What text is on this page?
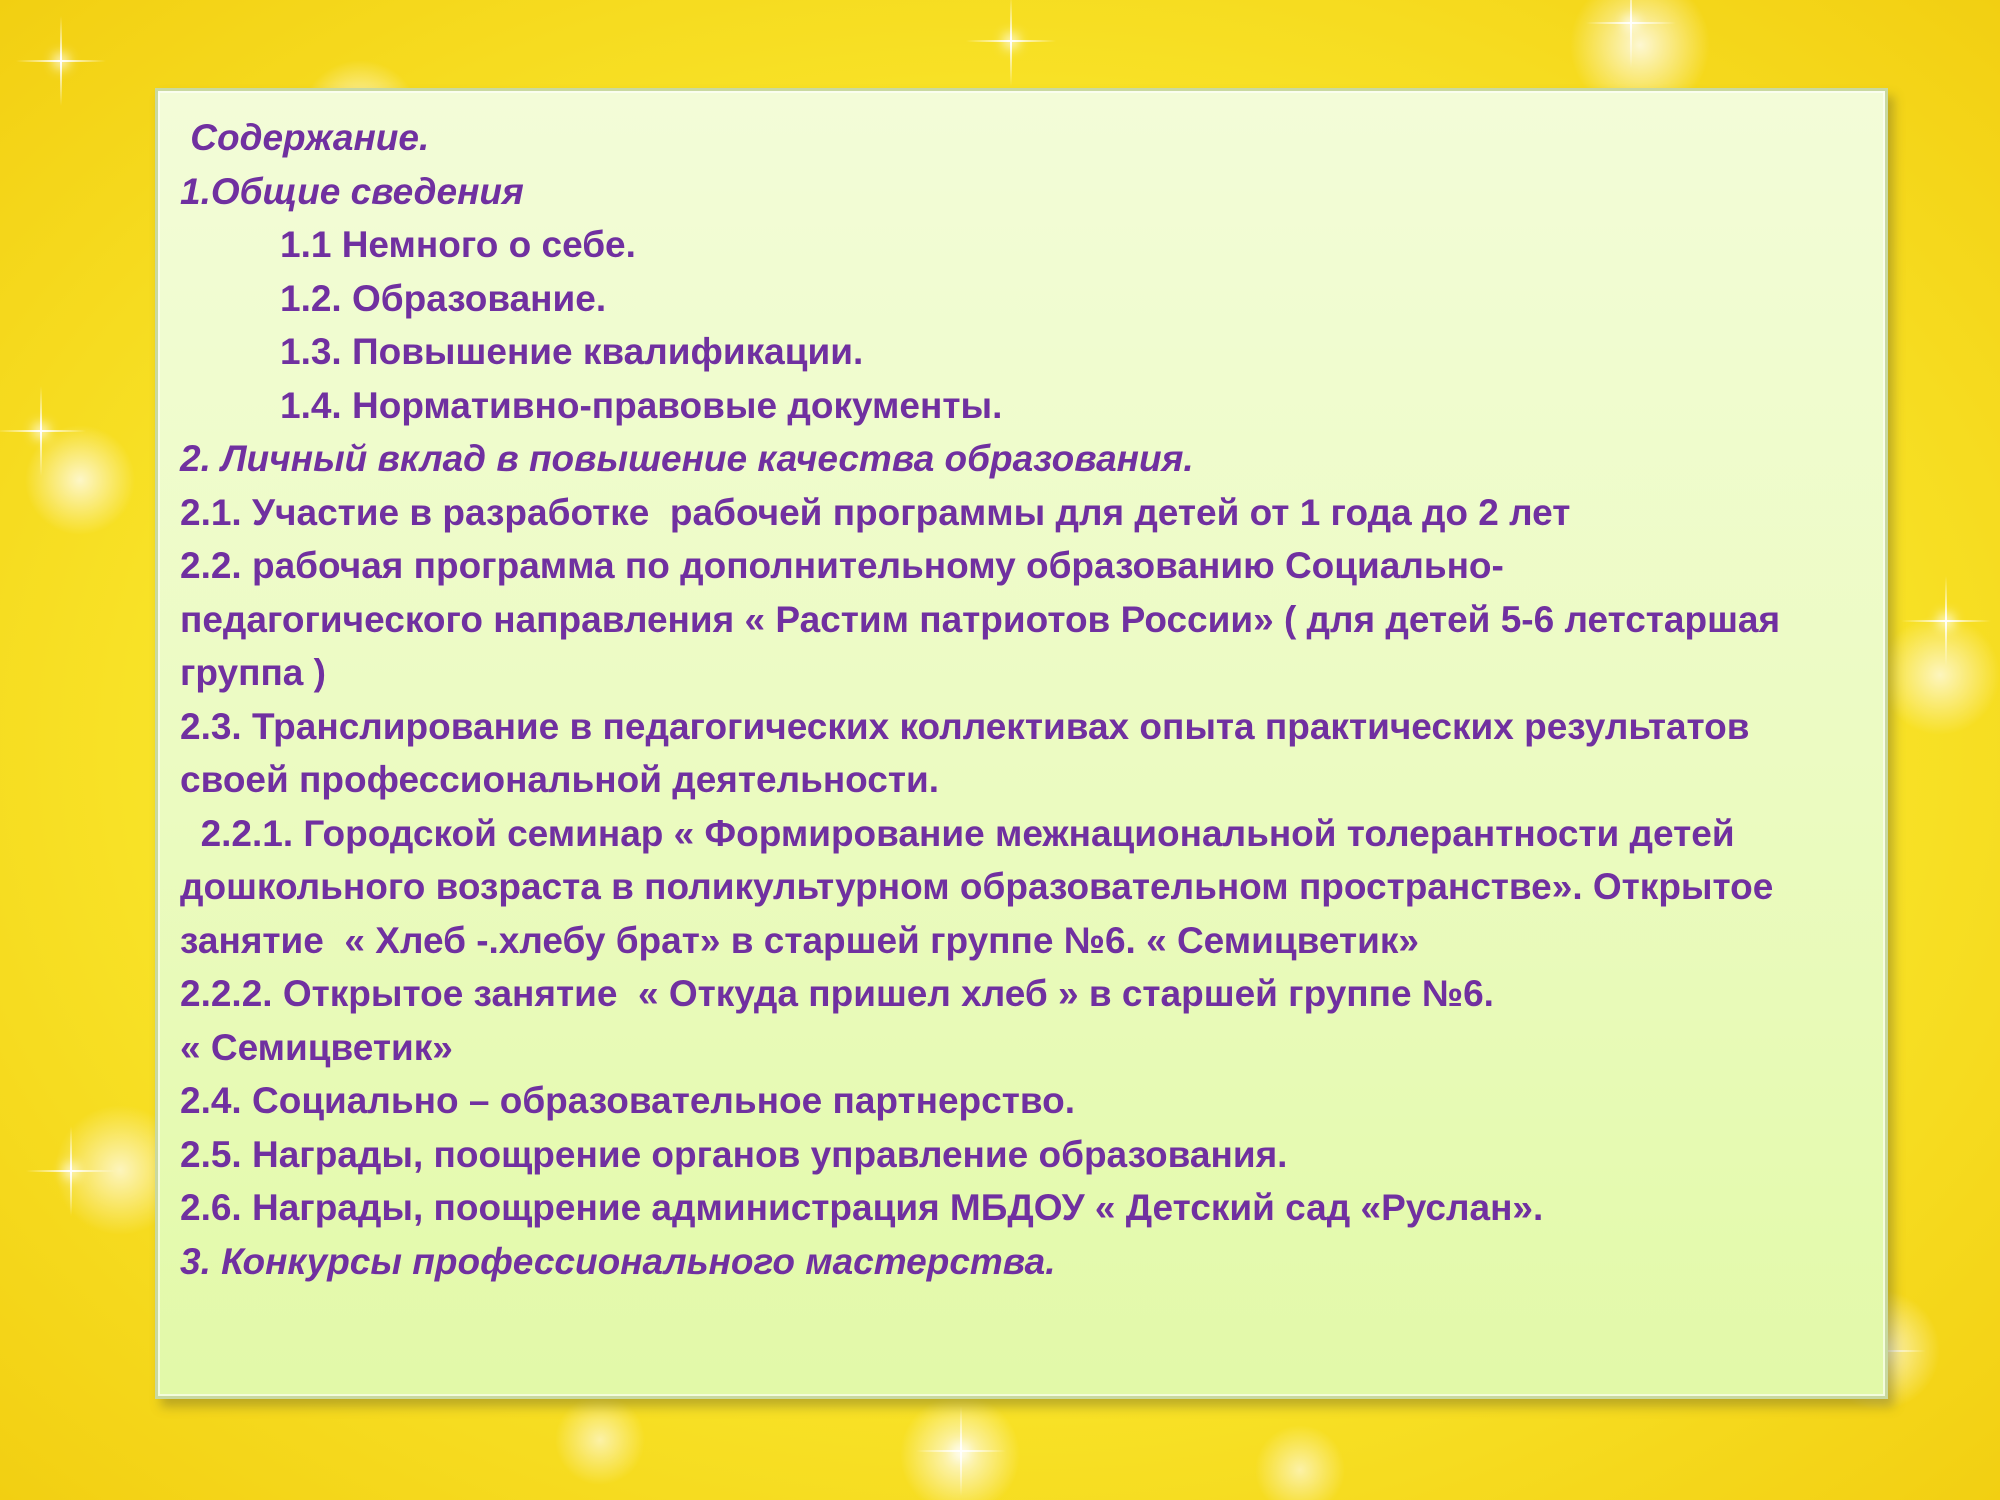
Содержание.
1.Общие сведения
1.1 Немного о себе.
1.2. Образование.
1.3. Повышение квалификации.
1.4. Нормативно-правовые документы.
2. Личный вклад в повышение качества образования.
2.1. Участие в разработке  рабочей программы для детей от 1 года до 2 лет
2.2. рабочая программа по дополнительному образованию Социально-
педагогического направления « Растим патриотов России» ( для детей 5-6 летстаршая
группа )
2.3. Транслирование в педагогических коллективах опыта практических результатов
своей профессиональной деятельности.
2.2.1. Городской семинар « Формирование межнациональной толерантности детей
дошкольного возраста в поликультурном образовательном пространстве». Открытое
занятие  « Хлеб -.хлебу брат» в старшей группе №6. « Семицветик»
2.2.2. Открытое занятие  « Откуда пришел хлеб » в старшей группе №6.
« Семицветик»
2.4. Социально – образовательное партнерство.
2.5. Награды, поощрение органов управление образования.
2.6. Награды, поощрение администрация МБДОУ « Детский сад «Руслан».
3. Конкурсы профессионального мастерства.
